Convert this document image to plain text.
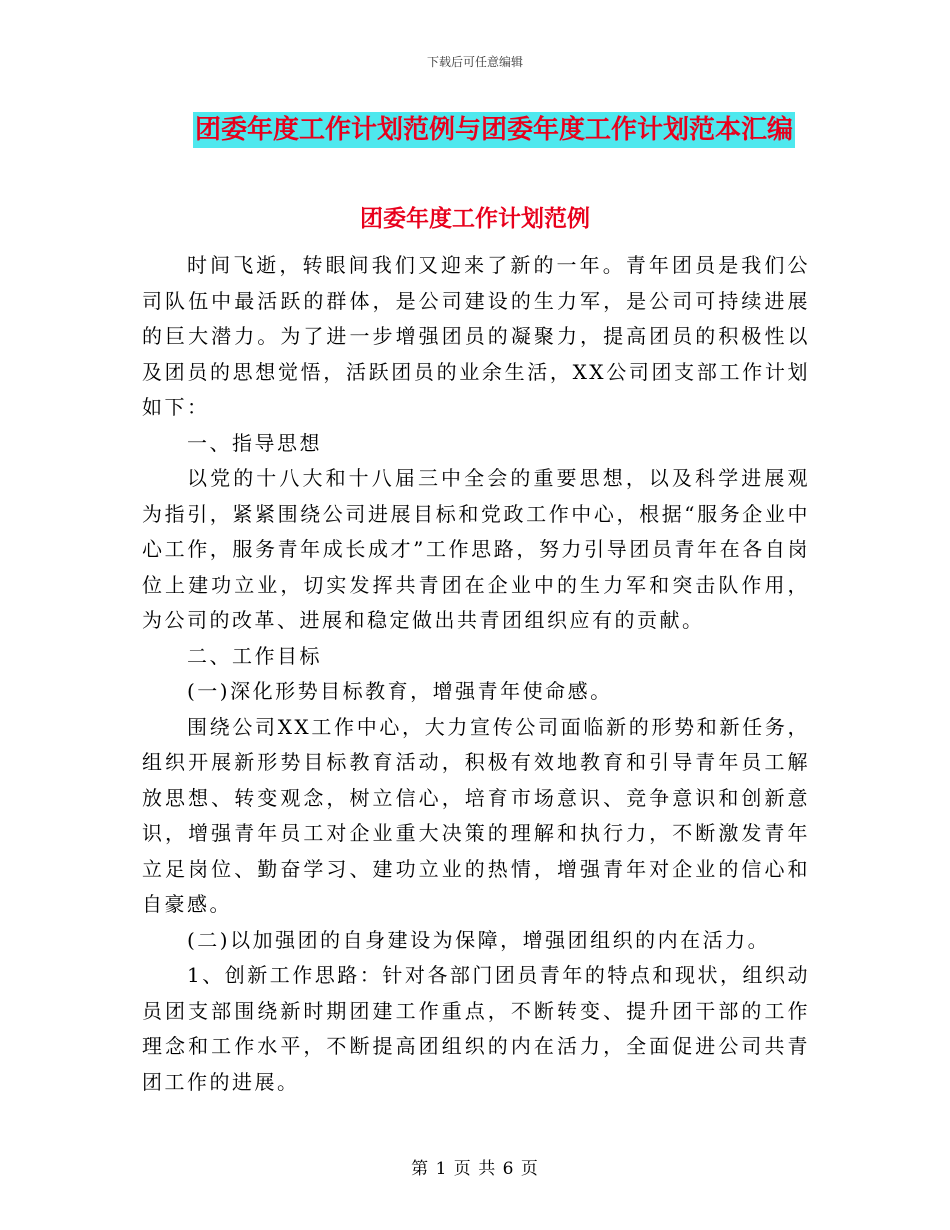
下载后可任意编辑
团委年度工作计划范例与团委年度工作计划范本汇编
团委年度工作计划范例

时间飞逝，转眼间我们又迎来了新的一年。青年团员是我们公司队伍中最活跃的群体，是公司建设的生力军，是公司可持续进展的巨大潜力。为了进一步增强团员的凝聚力，提高团员的积极性以及团员的思想觉悟，活跃团员的业余生活，XX公司团支部工作计划如下：

一、指导思想

以党的十八大和十八届三中全会的重要思想，以及科学进展观为指引，紧紧围绕公司进展目标和党政工作中心，根据“服务企业中心工作，服务青年成长成才”工作思路，努力引导团员青年在各自岗位上建功立业，切实发挥共青团在企业中的生力军和突击队作用，为公司的改革、进展和稳定做出共青团组织应有的贡献。

二、工作目标

(一)深化形势目标教育，增强青年使命感。

围绕公司XX工作中心，大力宣传公司面临新的形势和新任务，组织开展新形势目标教育活动，积极有效地教育和引导青年员工解放思想、转变观念，树立信心，培育市场意识、竞争意识和创新意识，增强青年员工对企业重大决策的理解和执行力，不断激发青年立足岗位、勤奋学习、建功立业的热情，增强青年对企业的信心和自豪感。

(二)以加强团的自身建设为保障，增强团组织的内在活力。

1、创新工作思路：针对各部门团员青年的特点和现状，组织动员团支部围绕新时期团建工作重点，不断转变、提升团干部的工作理念和工作水平，不断提高团组织的内在活力，全面促进公司共青团工作的进展。

第 1 页 共 6 页
